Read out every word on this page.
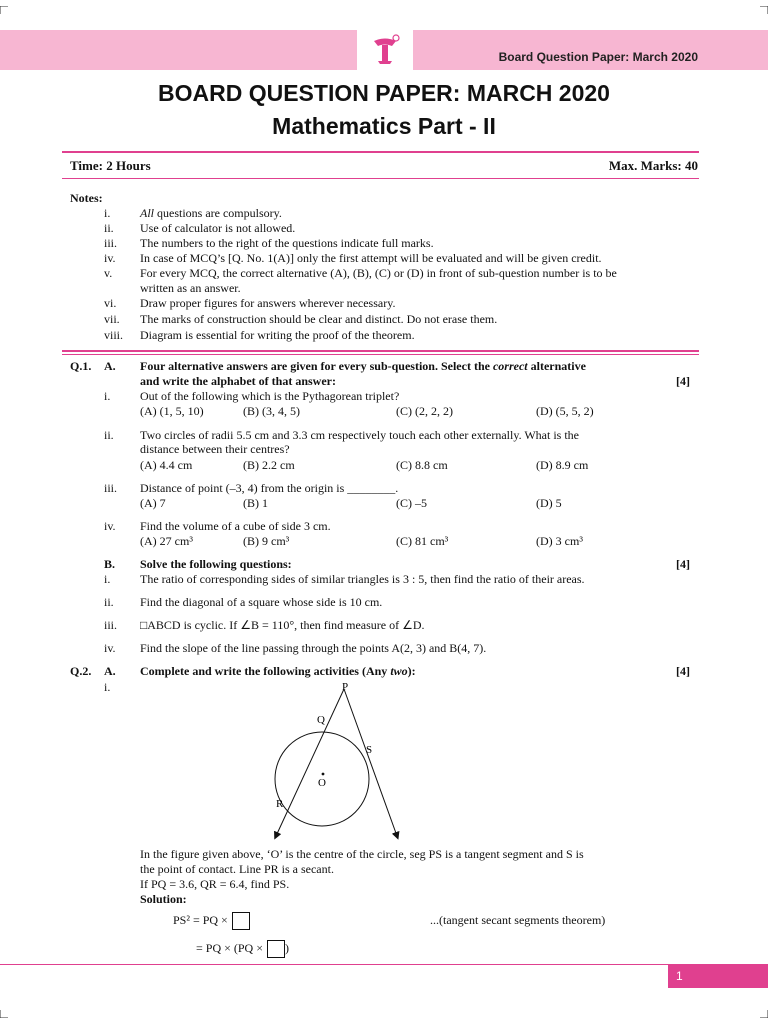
Board Question Paper: March 2020
BOARD QUESTION PAPER: MARCH 2020
Mathematics Part - II
Time: 2 Hours	Max. Marks: 40
Notes:
i. All questions are compulsory.
ii. Use of calculator is not allowed.
iii. The numbers to the right of the questions indicate full marks.
iv. In case of MCQ’s [Q. No. 1(A)] only the first attempt will be evaluated and will be given credit.
v. For every MCQ, the correct alternative (A), (B), (C) or (D) in front of sub-question number is to be
written as an answer.
vi. Draw proper figures for answers wherever necessary.
vii. The marks of construction should be clear and distinct. Do not erase them.
viii. Diagram is essential for writing the proof of the theorem.
Q.1. A. Four alternative answers are given for every sub-question. Select the correct alternative
and write the alphabet of that answer:	[4]
i. Out of the following which is the Pythagorean triplet?
(A) (1, 5, 10)	(B) (3, 4, 5)	(C) (2, 2, 2)	(D) (5, 5, 2)
ii. Two circles of radii 5.5 cm and 3.3 cm respectively touch each other externally. What is the
distance between their centres?
(A) 4.4 cm	(B) 2.2 cm	(C) 8.8 cm	(D) 8.9 cm
iii. Distance of point (–3, 4) from the origin is ________.
(A) 7	(B) 1	(C) –5	(D) 5
iv. Find the volume of a cube of side 3 cm.
(A) 27 cm³	(B) 9 cm³	(C) 81 cm³	(D) 3 cm³
B. Solve the following questions:	[4]
i. The ratio of corresponding sides of similar triangles is 3 : 5, then find the ratio of their areas.
ii. Find the diagonal of a square whose side is 10 cm.
iii. □ABCD is cyclic. If ∠B = 110°, then find measure of ∠D.
iv. Find the slope of the line passing through the points A(2, 3) and B(4, 7).
Q.2. A. Complete and write the following activities (Any two):	[4]
i.	P
Q
S
O
R
In the figure given above, ‘O’ is the centre of the circle, seg PS is a tangent segment and S is
the point of contact. Line PR is a secant.
If PQ = 3.6, QR = 6.4, find PS.
Solution:
PS² = PQ ×	...(tangent secant segments theorem)
= PQ × (PQ × )
1
